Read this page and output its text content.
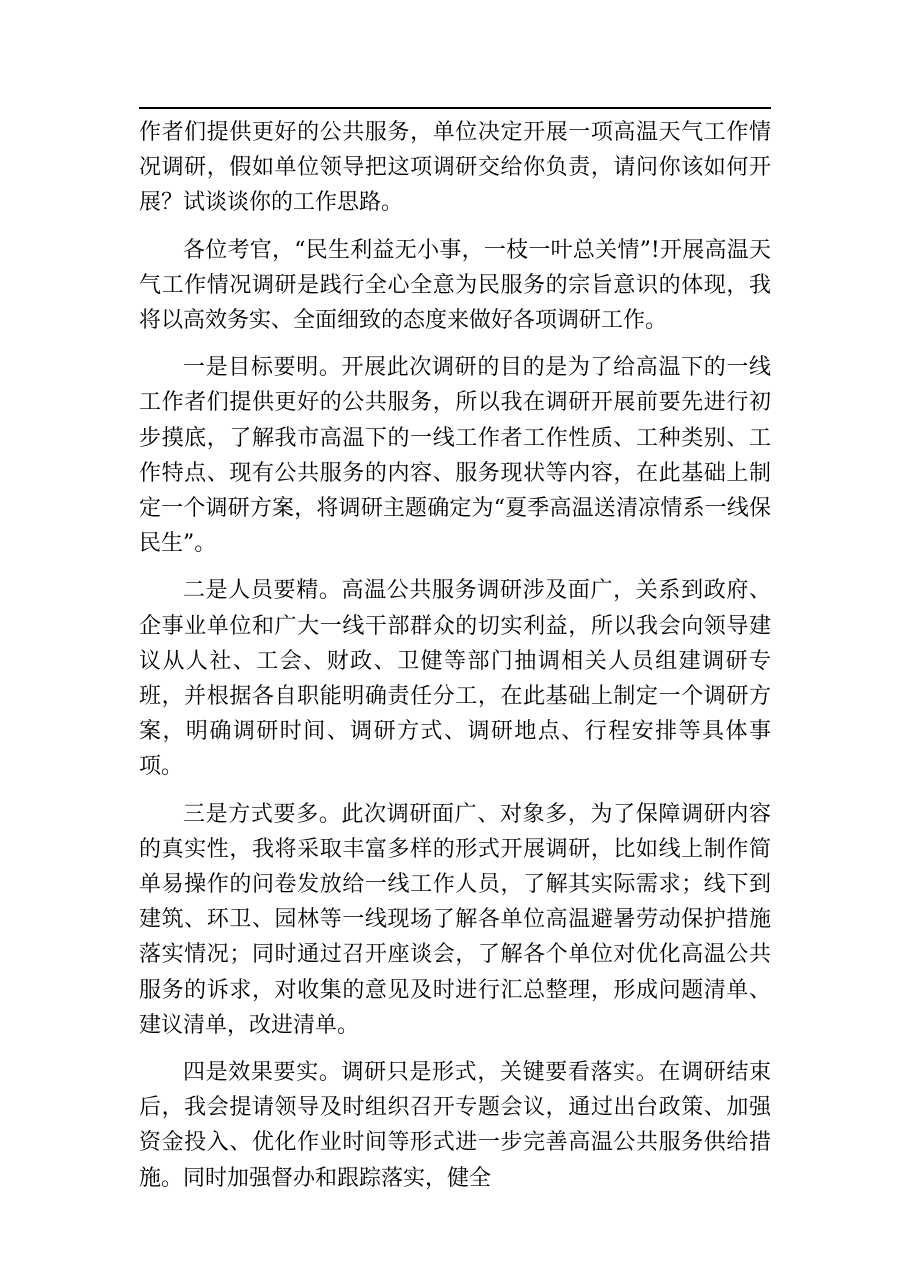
作者们提供更好的公共服务，单位决定开展一项高温天气工作情况调研，假如单位领导把这项调研交给你负责，请问你该如何开展？试谈谈你的工作思路。

各位考官，“民生利益无小事，一枝一叶总关情”!开展高温天气工作情况调研是践行全心全意为民服务的宗旨意识的体现，我将以高效务实、全面细致的态度来做好各项调研工作。

一是目标要明。开展此次调研的目的是为了给高温下的一线工作者们提供更好的公共服务，所以我在调研开展前要先进行初步摸底，了解我市高温下的一线工作者工作性质、工种类别、工作特点、现有公共服务的内容、服务现状等内容，在此基础上制定一个调研方案，将调研主题确定为“夏季高温送清凉情系一线保民生”。

二是人员要精。高温公共服务调研涉及面广，关系到政府、企事业单位和广大一线干部群众的切实利益，所以我会向领导建议从人社、工会、财政、卫健等部门抽调相关人员组建调研专班，并根据各自职能明确责任分工，在此基础上制定一个调研方案，明确调研时间、调研方式、调研地点、行程安排等具体事项。

三是方式要多。此次调研面广、对象多，为了保障调研内容的真实性，我将采取丰富多样的形式开展调研，比如线上制作简单易操作的问卷发放给一线工作人员，了解其实际需求；线下到建筑、环卫、园林等一线现场了解各单位高温避暑劳动保护措施落实情况；同时通过召开座谈会，了解各个单位对优化高温公共服务的诉求，对收集的意见及时进行汇总整理，形成问题清单、建议清单，改进清单。

四是效果要实。调研只是形式，关键要看落实。在调研结束后，我会提请领导及时组织召开专题会议，通过出台政策、加强资金投入、优化作业时间等形式进一步完善高温公共服务供给措施。同时加强督办和跟踪落实，健全
